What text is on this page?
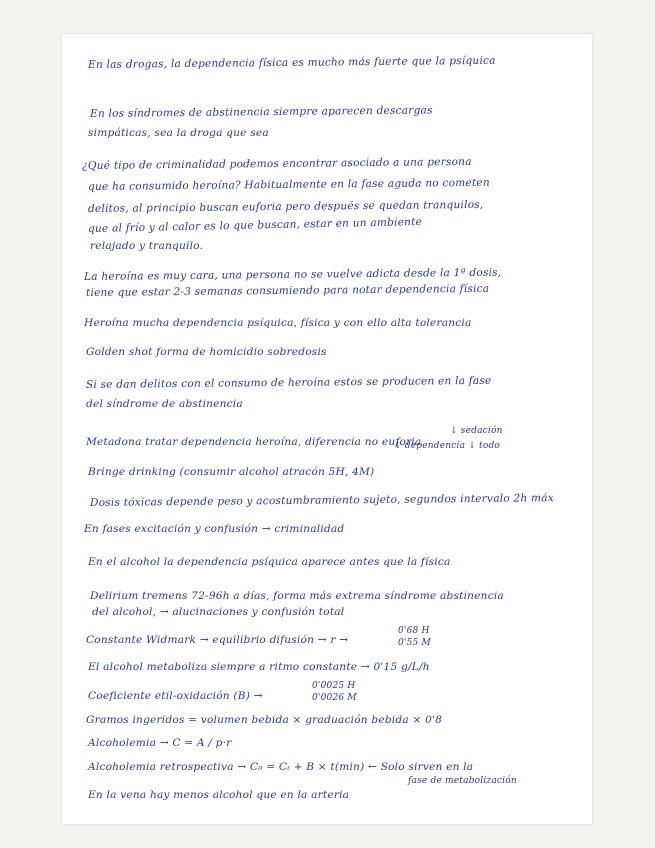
En las drogas, la dependencia física es mucho más fuerte que la psíquica
En los síndromes de abstinencia siempre aparecen descargas
simpáticas, sea la droga que sea
¿Qué tipo de criminalidad podemos encontrar asociado a una persona
que ha consumido heroína? Habitualmente en la fase aguda no cometen
delitos, al principio buscan euforia pero después se quedan tranquilos,
que al frío y al calor es lo que buscan, estar en un ambiente
relajado y tranquilo.
La heroína es muy cara, una persona no se vuelve adicta desde la 1ª dosis,
tiene que estar 2-3 semanas consumiendo para notar dependencia física
Heroína mucha dependencia psíquica, física y con ello alta tolerancia
Golden shot forma de homicidio sobredosis
Si se dan delitos con el consumo de heroína estos se producen en la fase
del síndrome de abstinencia
Metadona tratar dependencia heroína, diferencia no euforia
↓ sedación
↓ dependencia ↓ todo
Bringe drinking (consumir alcohol atracón 5H, 4M)
Dosis tóxicas depende peso y acostumbramiento sujeto, segundos intervalo 2h máx
En fases excitación y confusión → criminalidad
En el alcohol la dependencia psíquica aparece antes que la física
Delirium tremens 72-96h a días, forma más extrema síndrome abstinencia
del alcohol, → alucinaciones y confusión total
Constante Widmark → equilibrio difusión → r →
0'68 H
0'55 M
El alcohol metaboliza siempre a ritmo constante → 0'15 g/L/h
Coeficiente etil-oxidación (B) →
0'0025 H
0'0026 M
Gramos ingeridos = volumen bebida × graduación bebida × 0'8
Alcoholemia → C = A / p·r
Alcoholemia retrospectiva → C₀ = Cₜ + B × t(min) ← Solo sirven en la
fase de metabolización
En la vena hay menos alcohol que en la arteria
